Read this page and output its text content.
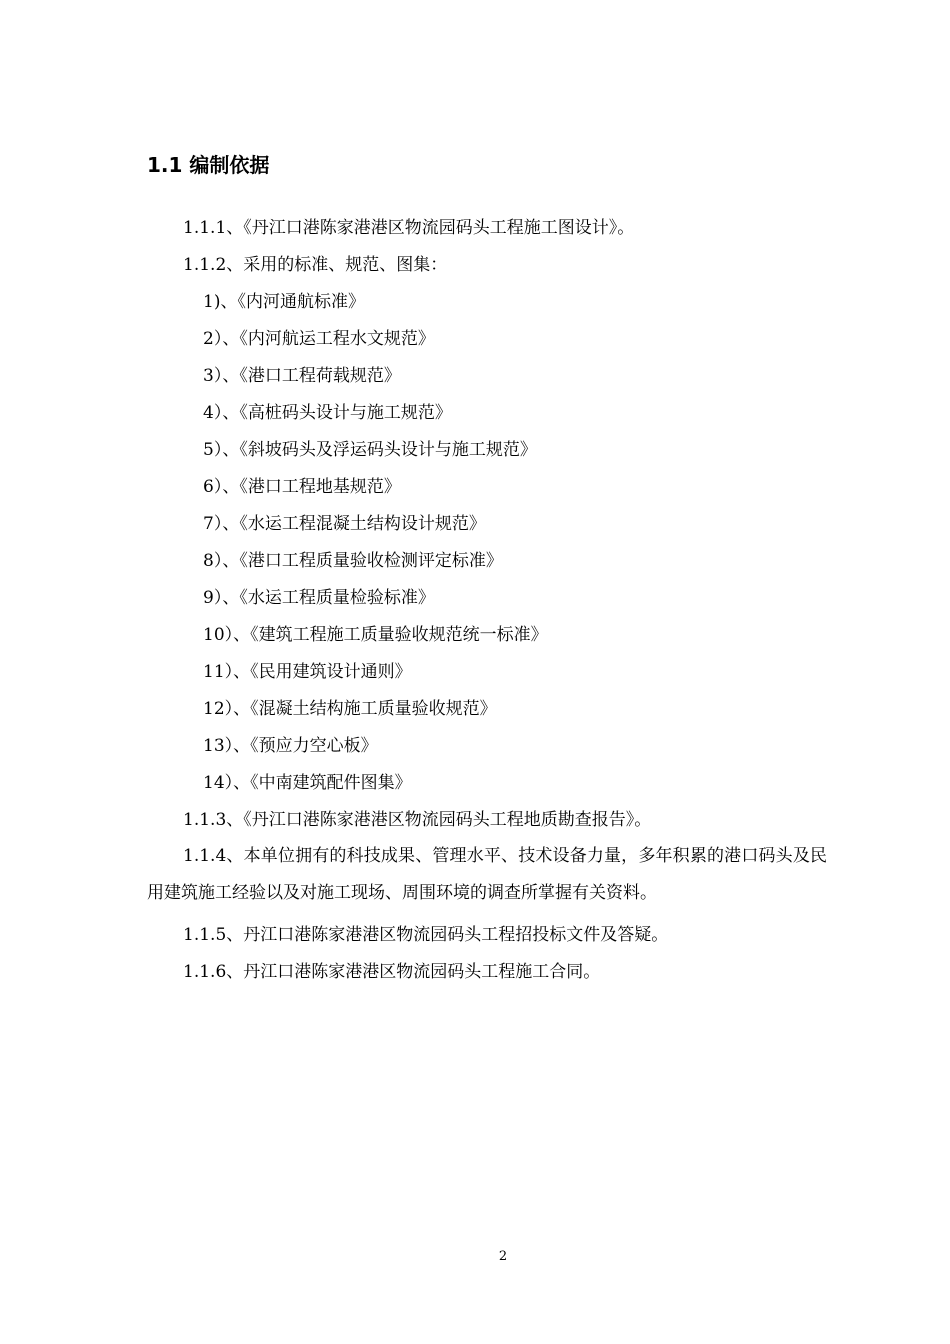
1.1 编制依据
1.1.1、《丹江口港陈家港港区物流园码头工程施工图设计》。
1.1.2、采用的标准、规范、图集：
1)、《内河通航标准》
2）、《内河航运工程水文规范》
3）、《港口工程荷载规范》
4）、《高桩码头设计与施工规范》
5）、《斜坡码头及浮运码头设计与施工规范》
6）、《港口工程地基规范》
7）、《水运工程混凝土结构设计规范》
8）、《港口工程质量验收检测评定标准》
9）、《水运工程质量检验标准》
10）、《建筑工程施工质量验收规范统一标准》
11）、《民用建筑设计通则》
12）、《混凝土结构施工质量验收规范》
13）、《预应力空心板》
14）、《中南建筑配件图集》
1.1.3、《丹江口港陈家港港区物流园码头工程地质勘查报告》。
1.1.4、本单位拥有的科技成果、管理水平、技术设备力量，多年积累的港口码头及民用建筑施工经验以及对施工现场、周围环境的调查所掌握有关资料。
1.1.5、丹江口港陈家港港区物流园码头工程招投标文件及答疑。
1.1.6、丹江口港陈家港港区物流园码头工程施工合同。
2
